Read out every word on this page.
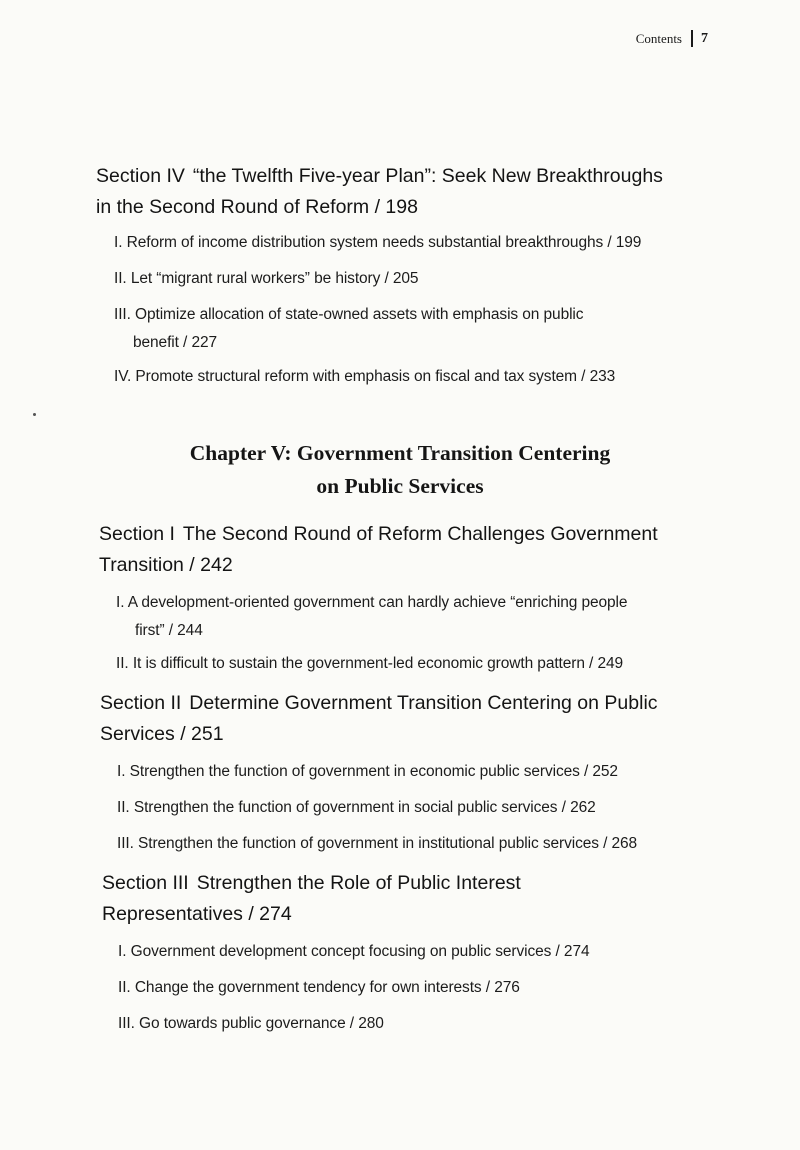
Contents 7
Section IV “the Twelfth Five-year Plan”: Seek New Breakthroughs
in the Second Round of Reform / 198
I. Reform of income distribution system needs substantial breakthroughs / 199
II. Let “migrant rural workers” be history / 205
III. Optimize allocation of state-owned assets with emphasis on public
benefit / 227
IV. Promote structural reform with emphasis on fiscal and tax system / 233
Chapter V: Government Transition Centering
on Public Services
Section I The Second Round of Reform Challenges Government
Transition / 242
I. A development-oriented government can hardly achieve “enriching people
first” / 244
II. It is difficult to sustain the government-led economic growth pattern / 249
Section II Determine Government Transition Centering on Public
Services / 251
I. Strengthen the function of government in economic public services / 252
II. Strengthen the function of government in social public services / 262
III. Strengthen the function of government in institutional public services / 268
Section III Strengthen the Role of Public Interest
Representatives / 274
I. Government development concept focusing on public services / 274
II. Change the government tendency for own interests / 276
III. Go towards public governance / 280
